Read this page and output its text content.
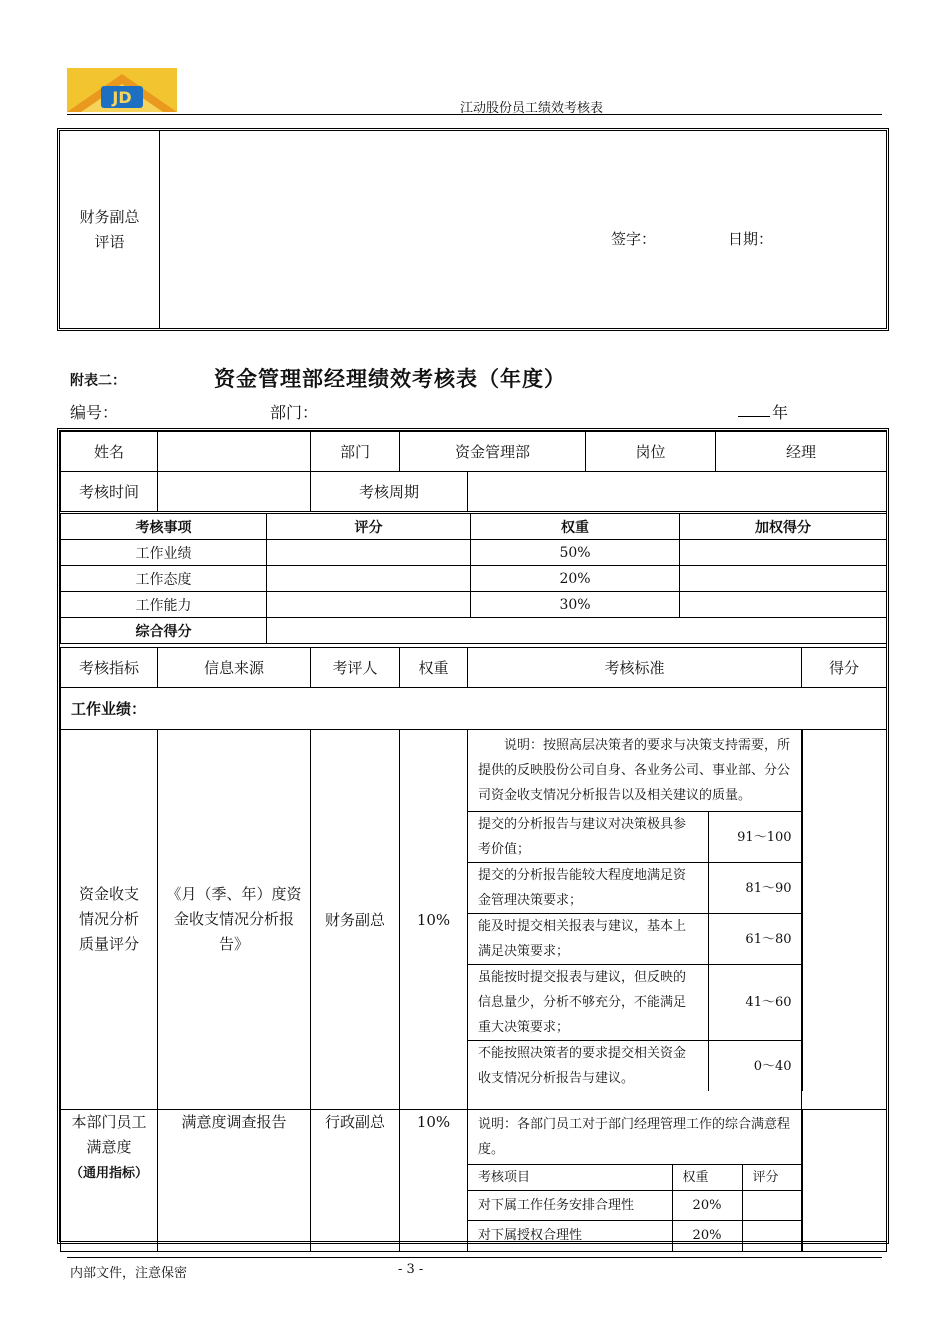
JD
江动股份员工绩效考核表
财务副总
评语	签字：	日期：
附表二：	资金管理部经理绩效考核表（年度）
编号：	部门：	年
姓名		部门	资金管理部		岗位	经理
考核时间		考核周期				
考核事项	评分	权重	加权得分
工作业绩		50%	
工作态度		20%	
工作能力		30%	
综合得分			
考核指标	信息来源	考评人	权重	考核标准	得分
工作业绩：
资金收支情况分析质量评分	《月（季、年）度资金收支情况分析报告》	财务副总	10%	
说明：按照高层决策者的要求与决策支持需要，所提供的反映股份公司自身、各业务公司、事业部、分公司资金收支情况分析报告以及相关建议的质量。
提交的分析报告与建议对决策极具参考价值；	91～100
提交的分析报告能较大程度地满足资金管理决策要求；	81～90
能及时提交相关报表与建议，基本上满足决策要求；	61～80
虽能按时提交报表与建议，但反映的信息量少，分析不够充分，不能满足重大决策要求；	41～60
不能按照决策者的要求提交相关资金收支情况分析报告与建议。	0～40

本部门员工满意度
（通用指标）	满意度调查报告	行政副总	10%	说明：各部门员工对于部门经理管理工作的综合满意程度。
考核项目	权重	评分
对下属工作任务安排合理性	20%	
对下属授权合理性	20%	

内部文件，注意保密	- 3 -
